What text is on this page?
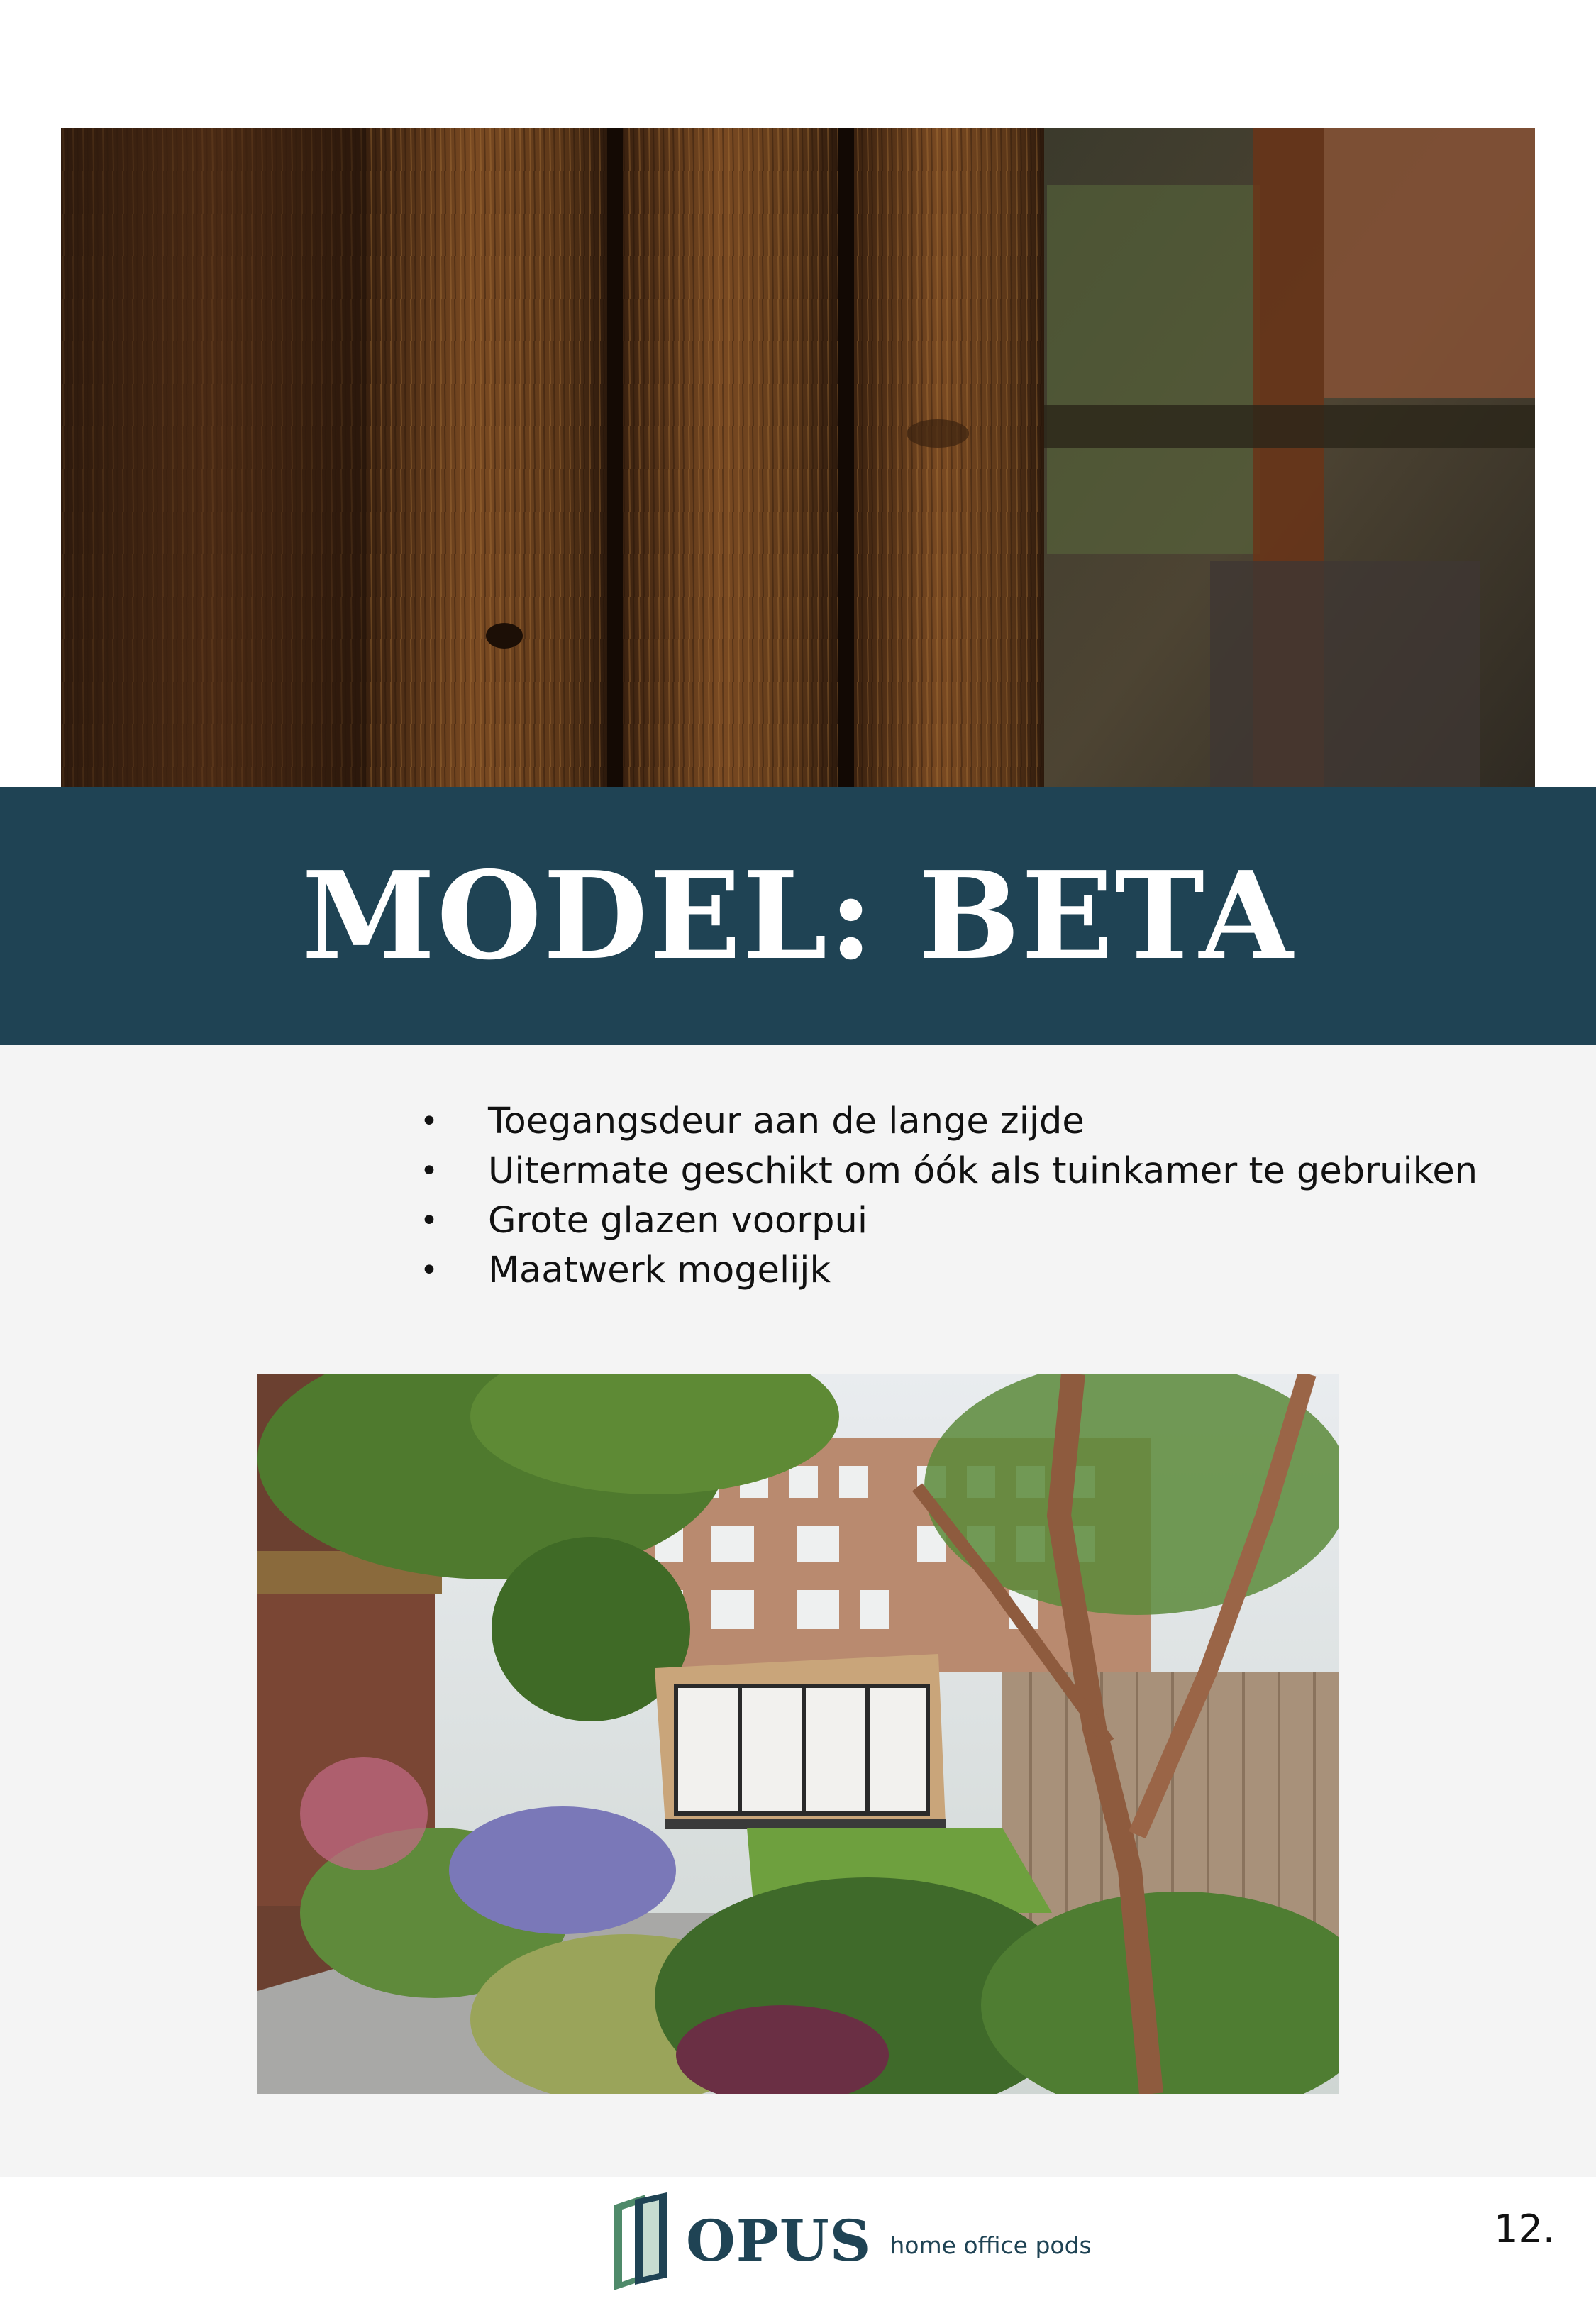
MODEL: BETA
• Toegangsdeur aan de lange zijde
• Uitermate geschikt om óók als tuinkamer te gebruiken
• Grote glazen voorpui
• Maatwerk mogelijk
OPUS home office pods	12.
